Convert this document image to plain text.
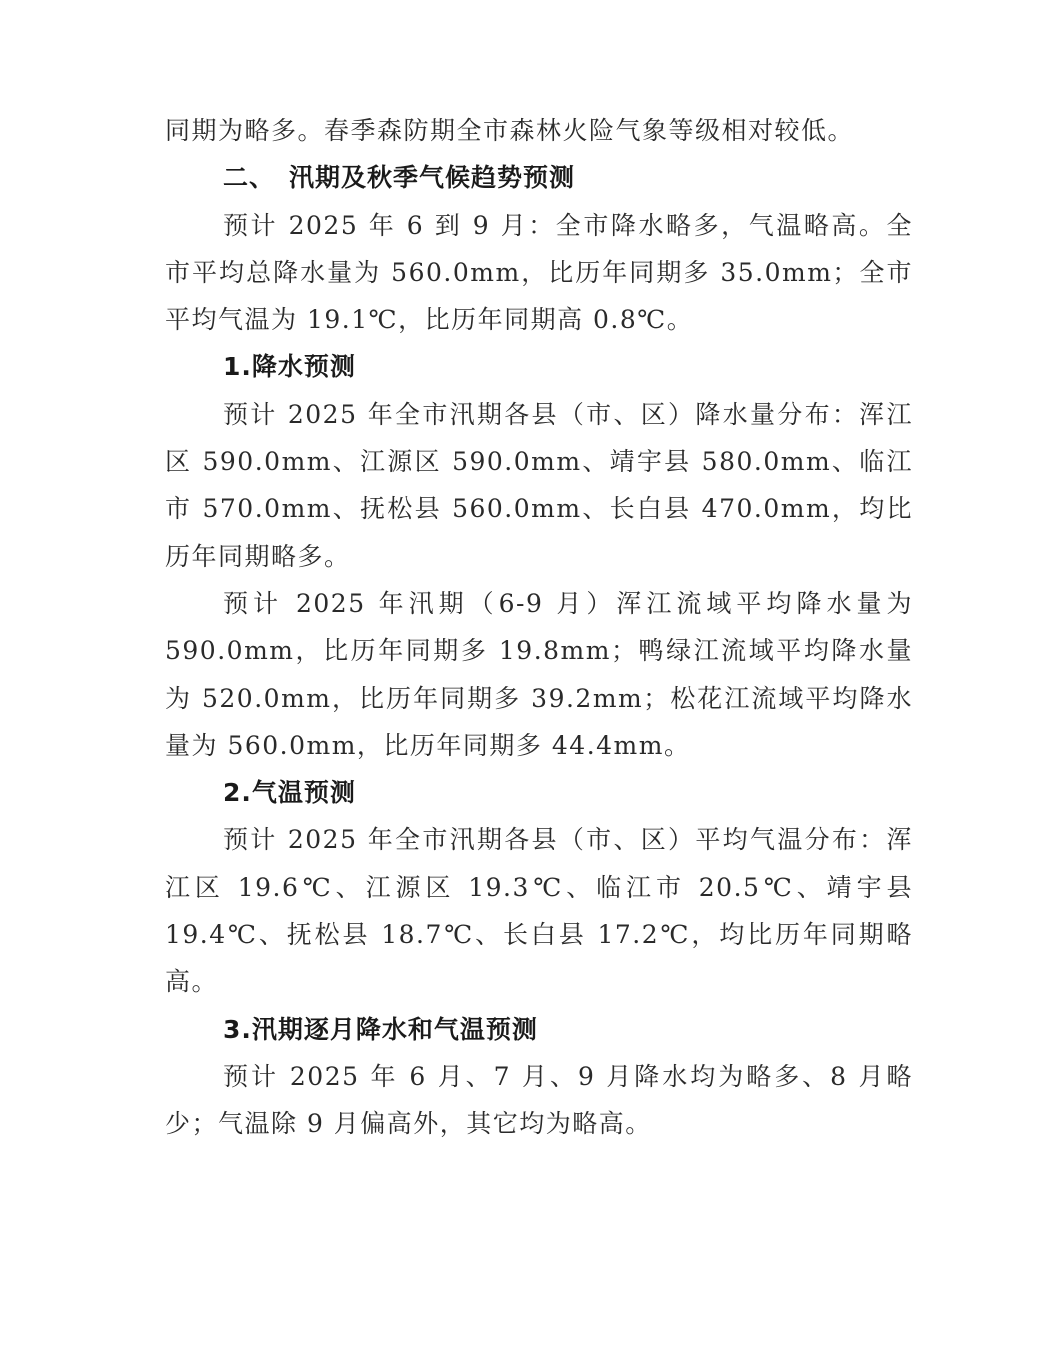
同期为略多。春季森防期全市森林火险气象等级相对较低。

二、 汛期及秋季气候趋势预测

预计 2025 年 6 到 9 月：全市降水略多，气温略高。全市平均总降水量为 560.0mm，比历年同期多 35.0mm；全市平均气温为 19.1℃，比历年同期高 0.8℃。

1.降水预测

预计 2025 年全市汛期各县（市、区）降水量分布：浑江区 590.0mm、江源区 590.0mm、靖宇县 580.0mm、临江市 570.0mm、抚松县 560.0mm、长白县 470.0mm，均比历年同期略多。

预计 2025 年汛期（6-9 月）浑江流域平均降水量为 590.0mm，比历年同期多 19.8mm；鸭绿江流域平均降水量为 520.0mm，比历年同期多 39.2mm；松花江流域平均降水量为 560.0mm，比历年同期多 44.4mm。

2.气温预测

预计 2025 年全市汛期各县（市、区）平均气温分布：浑江区 19.6℃、江源区 19.3℃、临江市 20.5℃、靖宇县 19.4℃、抚松县 18.7℃、长白县 17.2℃，均比历年同期略高。

3.汛期逐月降水和气温预测

预计 2025 年 6 月、7 月、9 月降水均为略多、8 月略少；气温除 9 月偏高外，其它均为略高。
